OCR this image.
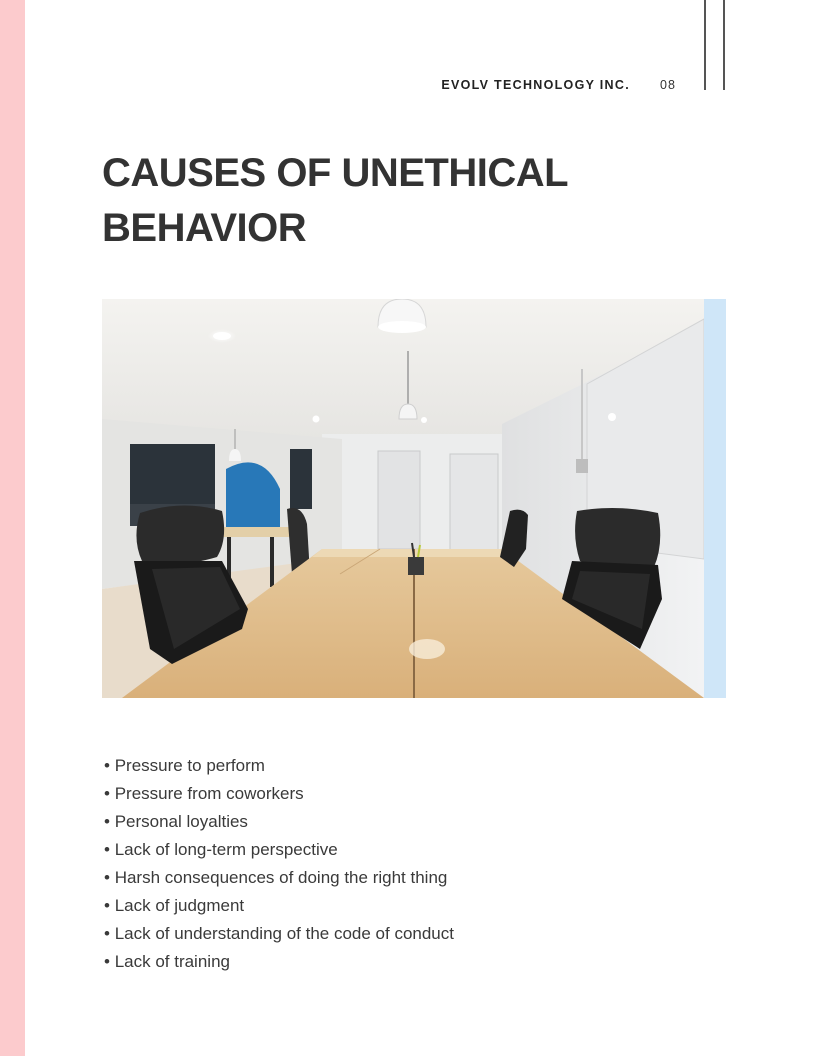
EVOLV TECHNOLOGY INC. 08
CAUSES OF UNETHICAL
BEHAVIOR
• Pressure to perform
• Pressure from coworkers
• Personal loyalties
• Lack of long-term perspective
• Harsh consequences of doing the right thing
• Lack of judgment
• Lack of understanding of the code of conduct
• Lack of training
